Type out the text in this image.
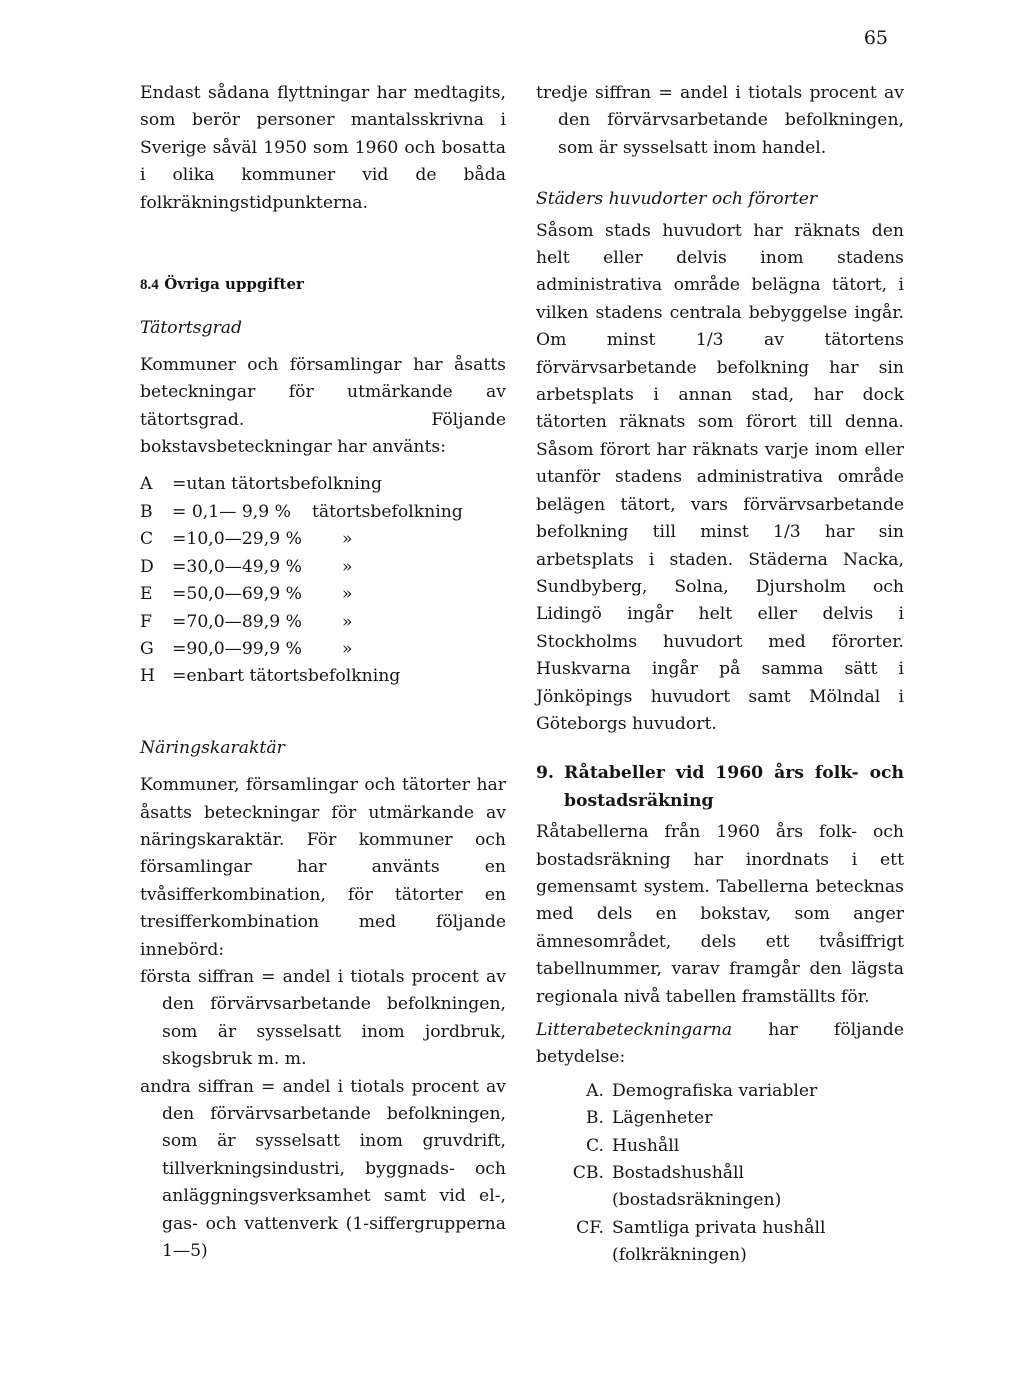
65

Endast sådana flyttningar har medtagits, som berör personer mantalsskrivna i Sverige såväl 1950 som 1960 och bosatta i olika kommuner vid de båda folkräkningstidpunkterna.

8.4 Övriga uppgifter

Tätortsgrad

Kommuner och församlingar har åsatts beteckningar för utmärkande av tätortsgrad. Följande bokstavsbeteckningar har använts:

A	=utan tätortsbefolkning
B	= 0,1— 9,9 %	tätortsbefolkning
C	=10,0—29,9 %	»
D	=30,0—49,9 %	»
E	=50,0—69,9 %	»
F	=70,0—89,9 %	»
G	=90,0—99,9 %	»
H =enbart tätortsbefolkning

Näringskaraktär

Kommuner, församlingar och tätorter har åsatts beteckningar för utmärkande av näringskaraktär. För kommuner och församlingar har använts en tvåsifferkombination, för tätorter en tresifferkombination med följande innebörd:

första siffran = andel i tiotals procent av den förvärvsarbetande befolkningen, som är sysselsatt inom jordbruk, skogsbruk m. m.

andra siffran = andel i tiotals procent av den förvärvsarbetande befolkningen, som är sysselsatt inom gruvdrift, tillverkningsindustri, byggnads- och anläggningsverksamhet samt vid el-, gas- och vattenverk (1-siffergrupperna 1—5)

tredje siffran = andel i tiotals procent av den förvärvsarbetande befolkningen, som är sysselsatt inom handel.

Städers huvudorter och förorter

Såsom stads huvudort har räknats den helt eller delvis inom stadens administrativa område belägna tätort, i vilken stadens centrala bebyggelse ingår. Om minst 1/3 av tätortens förvärvsarbetande befolkning har sin arbetsplats i annan stad, har dock tätorten räknats som förort till denna. Såsom förort har räknats varje inom eller utanför stadens administrativa område belägen tätort, vars förvärvsarbetande befolkning till minst 1/3 har sin arbetsplats i staden. Städerna Nacka, Sundbyberg, Solna, Djursholm och Lidingö ingår helt eller delvis i Stockholms huvudort med förorter. Huskvarna ingår på samma sätt i Jönköpings huvudort samt Mölndal i Göteborgs huvudort.

9. Råtabeller vid 1960 års folk- och bostadsräkning

Råtabellerna från 1960 års folk- och bostadsräkning har inordnats i ett gemensamt system. Tabellerna betecknas med dels en bokstav, som anger ämnesområdet, dels ett tvåsiffrigt tabellnummer, varav framgår den lägsta regionala nivå tabellen framställts för.

Litterabeteckningarna har följande betydelse:

A. Demografiska variabler
B. Lägenheter
C. Hushåll
CB. Bostadshushåll (bostadsräkningen)
CF. Samtliga privata hushåll (folkräkningen)
